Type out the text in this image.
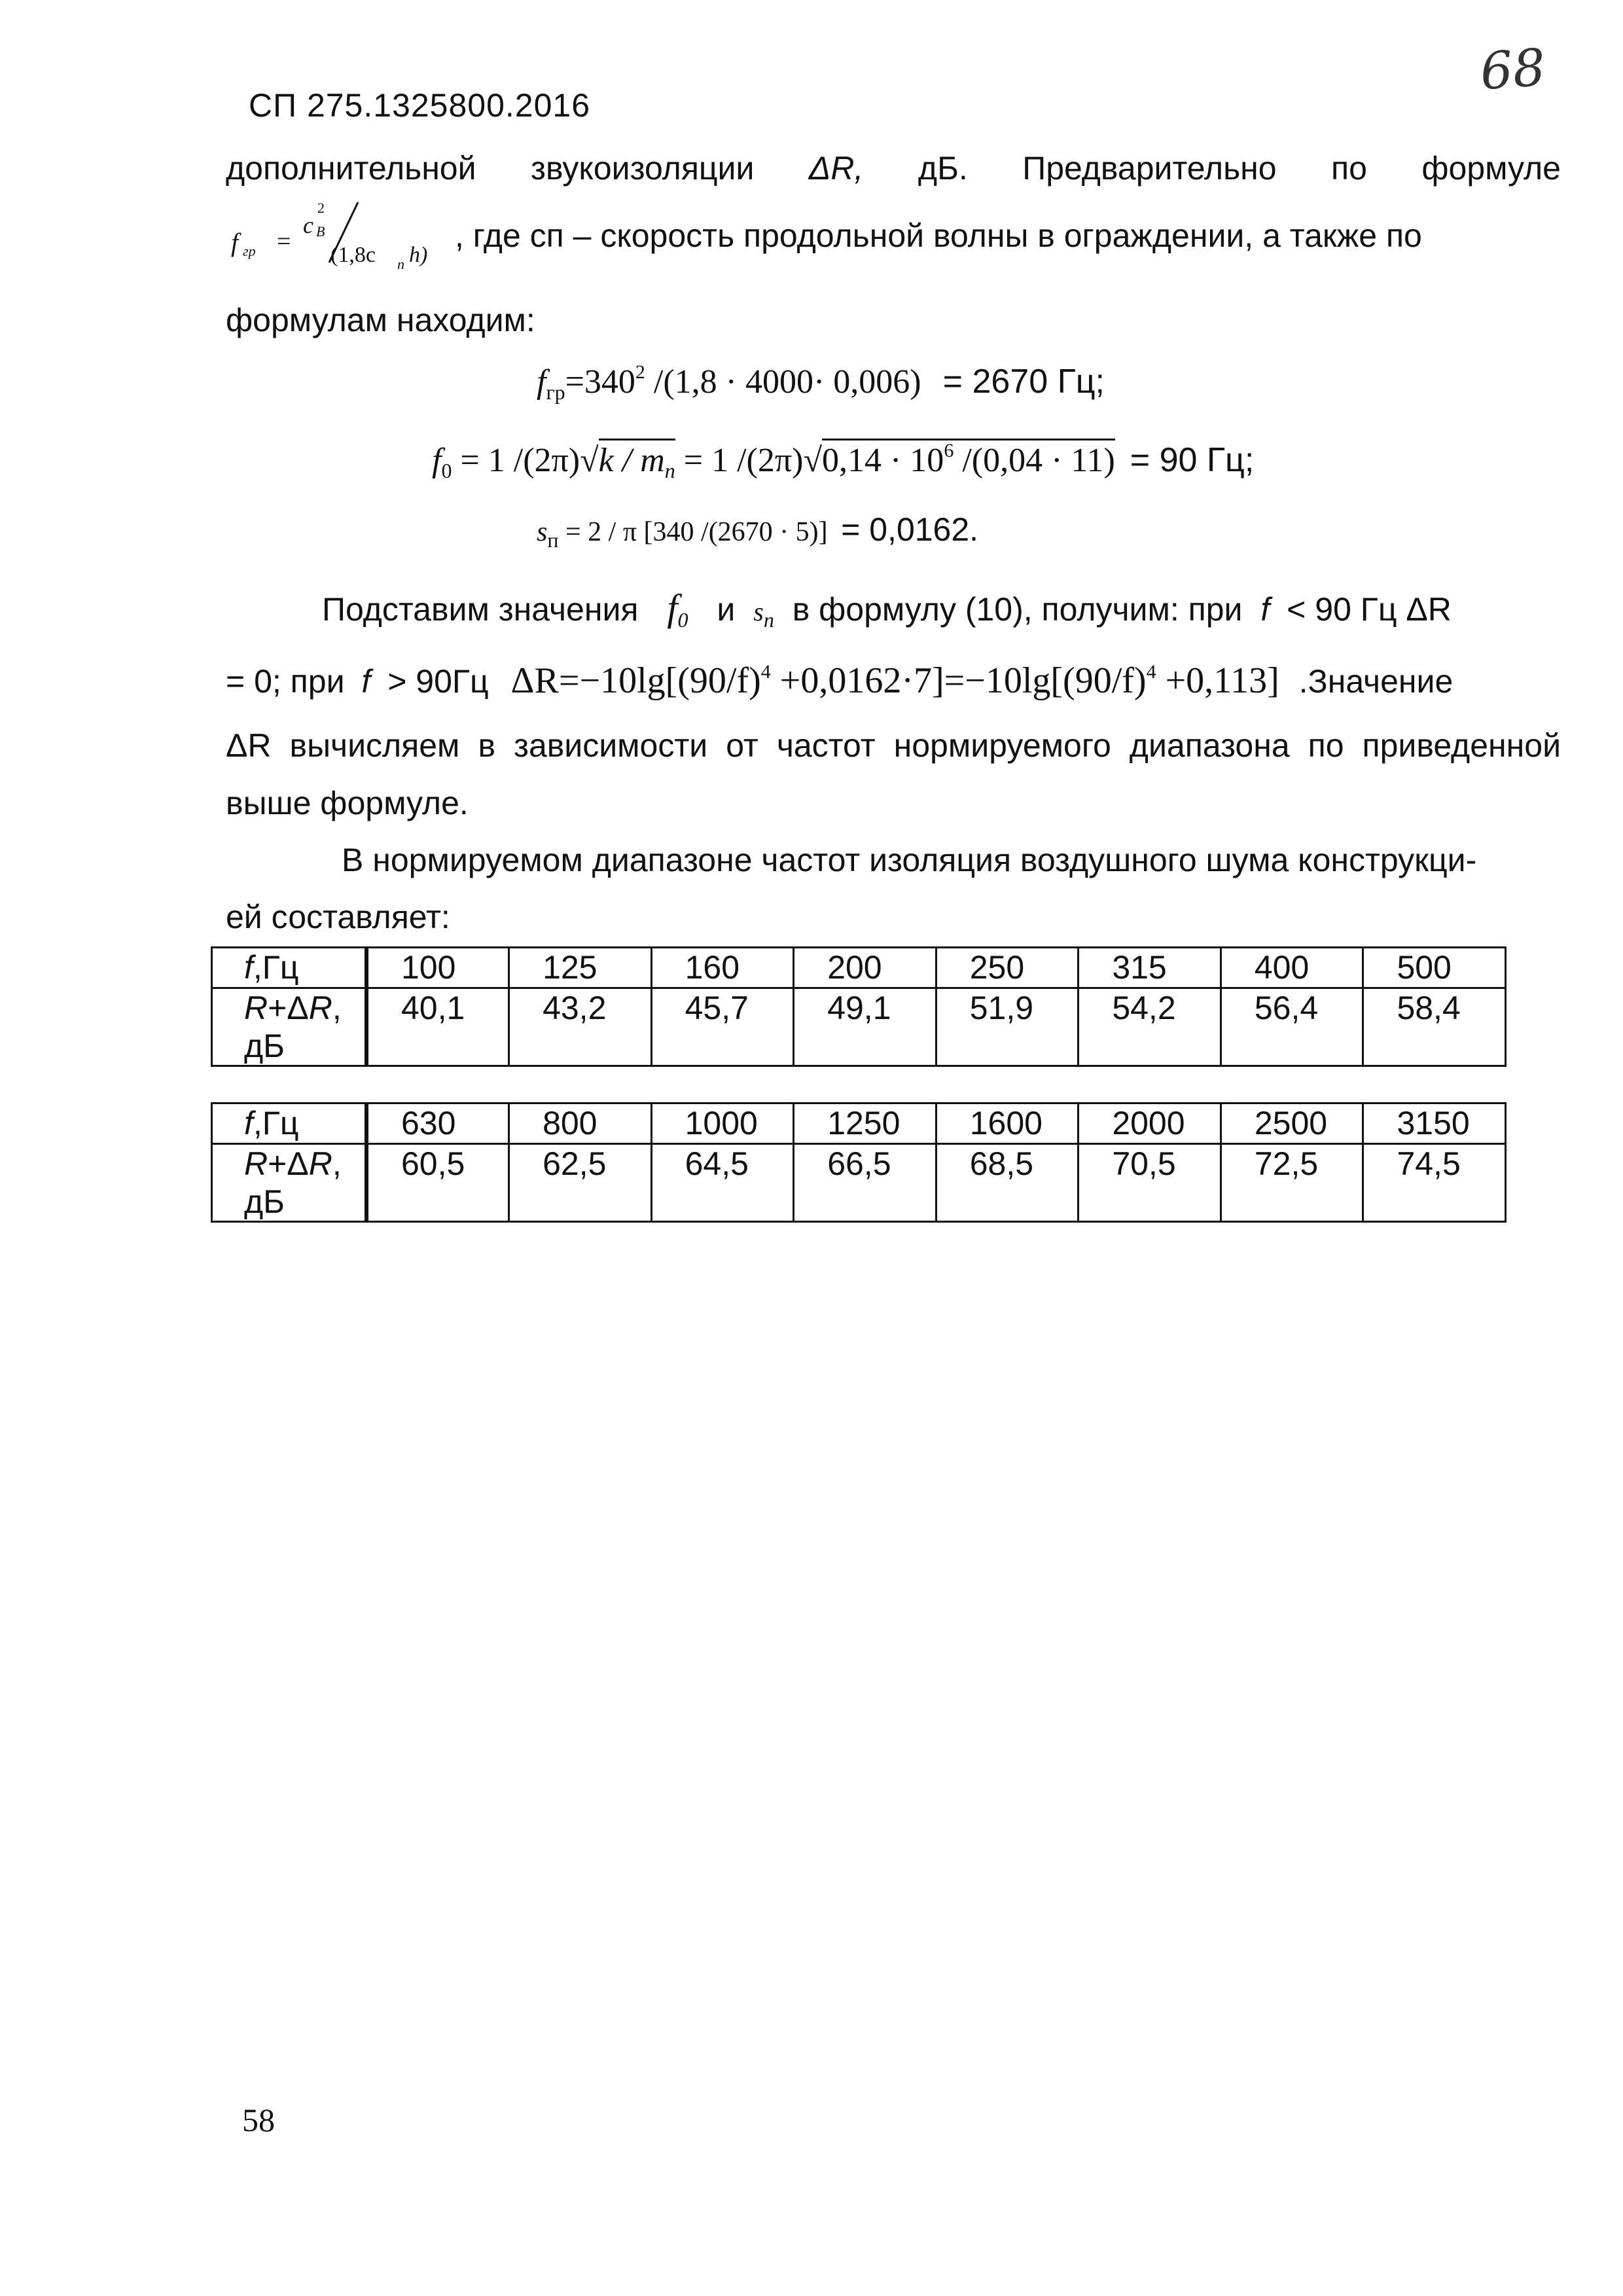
СП 275.1325800.2016
68
дополнительной звукоизоляции ΔR, дБ. Предварительно по формуле
f гр =
c B
2
(1,8c п h)
, где сп – скорость продольной волны в ограждении, а также по
формулам находим:
$f_{гр}=340^2$ /(1,8 · 4000· 0,006) = 2670 Гц;
$f_0 = 1$ $/(2\pi)√k / m_п = 1$ $/(2\pi)√0,14 \cdot 10^6$ /(0,04 · 11) = 90 Гц;
$s_п = 2 / \pi$ [340 /(2670 · 5)] = 0,0162.
Подставим значения $f_0$ и $s_п$ в формулу (10), получим: при f < 90 Гц ΔR
= 0; при f > 90Гц $\Delta R=-10\lg[(90/f)^4 +0,0162\cdot 7]=-10\lg[(90/f)^4 +0,113]$ .Значение
ΔR вычисляем в зависимости от частот нормируемого диапазона по приведенной
выше формуле.
В нормируемом диапазоне частот изоляция воздушного шума конструкци-
ей составляет:
f,Гц	100	125	160	200	250	315	400	500
R+ΔR,
дБ	40,1	43,2	45,7	49,1	51,9	54,2	56,4	58,4
f,Гц	630	800	1000	1250	1600	2000	2500	3150
R+ΔR,
дБ	60,5	62,5	64,5	66,5	68,5	70,5	72,5	74,5
58
